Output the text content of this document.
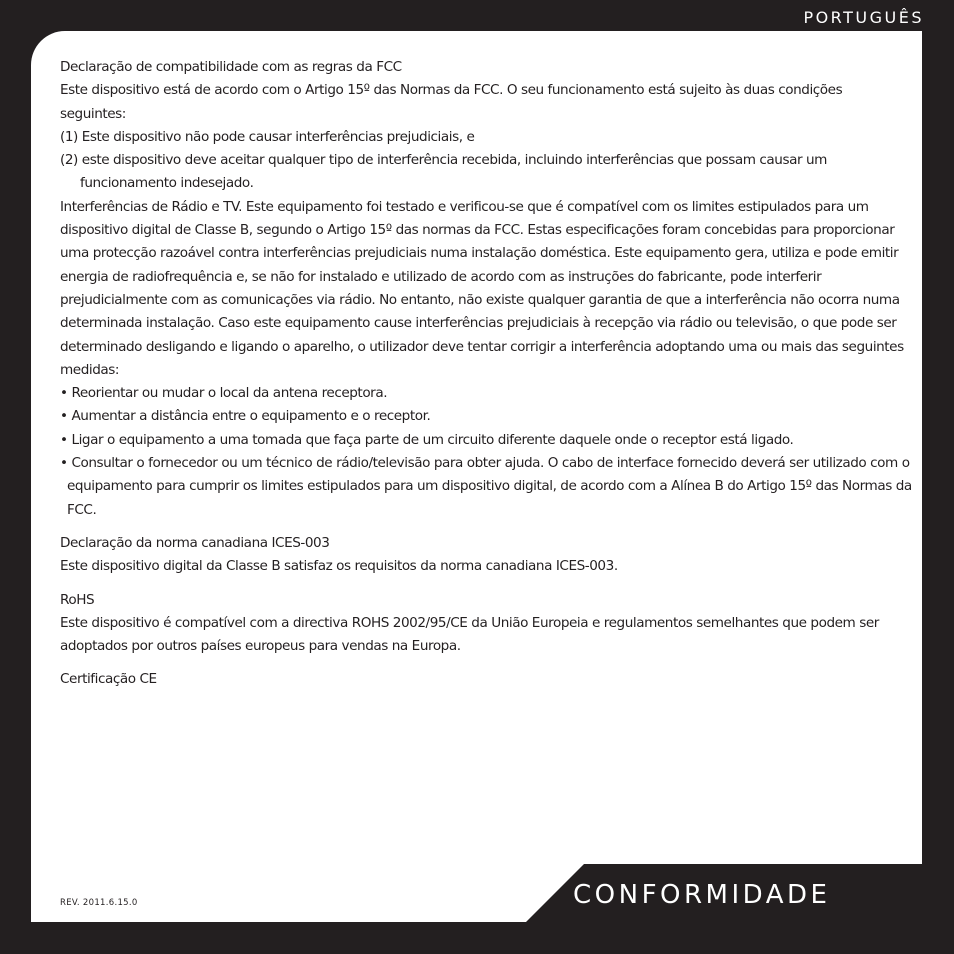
PORTUGUÊS

Declaração de compatibilidade com as regras da FCC

Este dispositivo está de acordo com o Artigo 15º das Normas da FCC. O seu funcionamento está sujeito às duas condições seguintes:

(1) Este dispositivo não pode causar interferências prejudiciais, e

(2) este dispositivo deve aceitar qualquer tipo de interferência recebida, incluindo interferências que possam causar um funcionamento indesejado.

Interferências de Rádio e TV. Este equipamento foi testado e verificou-se que é compatível com os limites estipulados para um dispositivo digital de Classe B, segundo o Artigo 15º das normas da FCC. Estas especificações foram concebidas para proporcionar uma protecção razoável contra interferências prejudiciais numa instalação doméstica. Este equipamento gera, utiliza e pode emitir energia de radiofrequência e, se não for instalado e utilizado de acordo com as instruções do fabricante, pode interferir prejudicialmente com as comunicações via rádio. No entanto, não existe qualquer garantia de que a interferência não ocorra numa determinada instalação. Caso este equipamento cause interferências prejudiciais à recepção via rádio ou televisão, o que pode ser determinado desligando e ligando o aparelho, o utilizador deve tentar corrigir a interferência adoptando uma ou mais das seguintes medidas:

• Reorientar ou mudar o local da antena receptora.

• Aumentar a distância entre o equipamento e o receptor.

• Ligar o equipamento a uma tomada que faça parte de um circuito diferente daquele onde o receptor está ligado.

• Consultar o fornecedor ou um técnico de rádio/televisão para obter ajuda. O cabo de interface fornecido deverá ser utilizado com o equipamento para cumprir os limites estipulados para um dispositivo digital, de acordo com a Alínea B do Artigo 15º das Normas da FCC.

Declaração da norma canadiana ICES-003

Este dispositivo digital da Classe B satisfaz os requisitos da norma canadiana ICES-003.

RoHS

Este dispositivo é compatível com a directiva ROHS 2002/95/CE da União Europeia e regulamentos semelhantes que podem ser adoptados por outros países europeus para vendas na Europa.

Certificação CE

REV. 2011.6.15.0	CONFORMIDADE
